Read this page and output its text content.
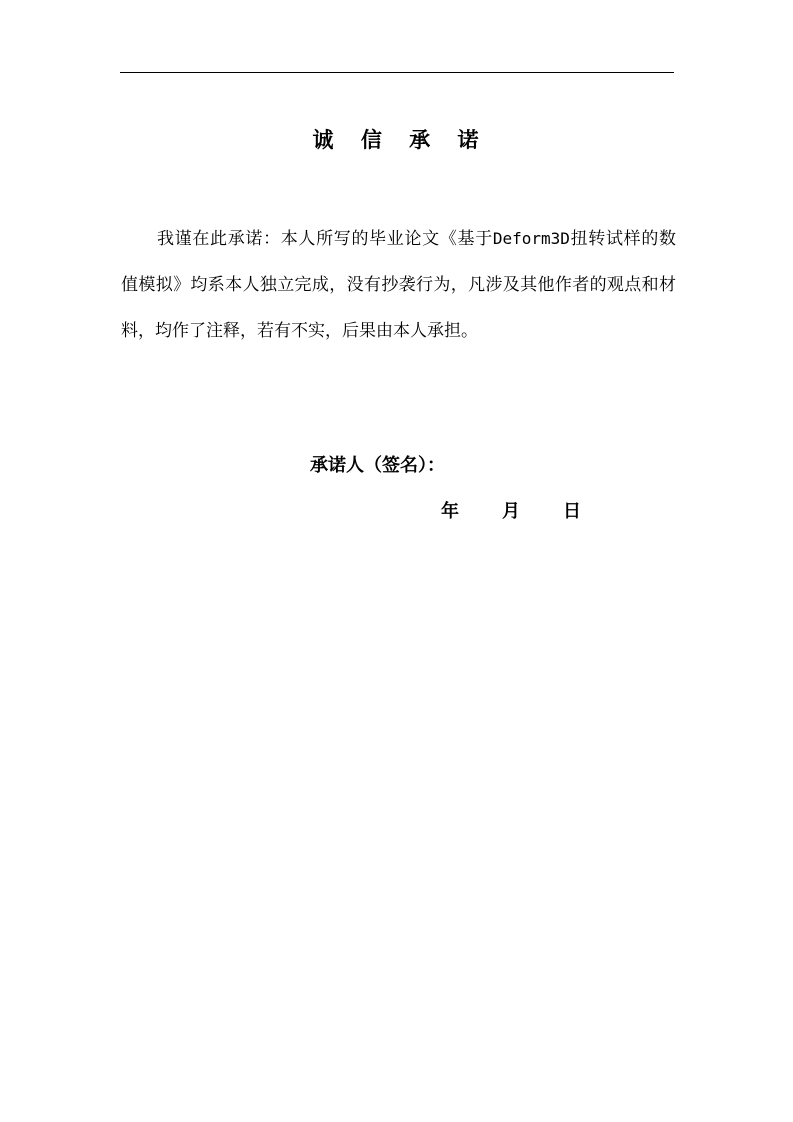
诚 信 承 诺

我谨在此承诺：本人所写的毕业论文《基于Deform3D扭转试样的数值模拟》均系本人独立完成，没有抄袭行为，凡涉及其他作者的观点和材料，均作了注释，若有不实，后果由本人承担。

承诺人（签名）：
年 月 日
